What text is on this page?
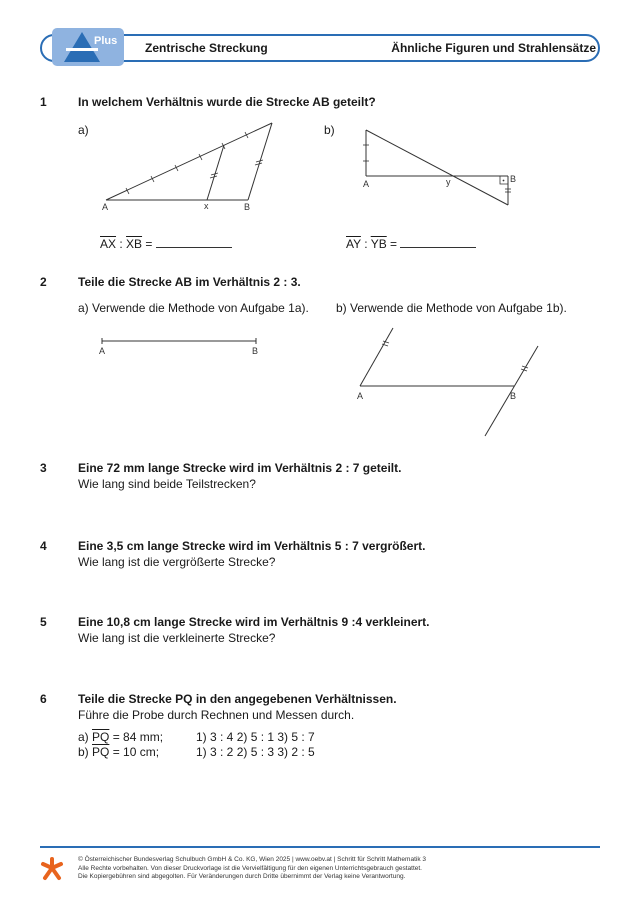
Plus Zentrische Streckung	Ähnliche Figuren und Strahlensätze
1	In welchem Verhältnis wurde die Strecke AB geteilt?
a)	b)
A	x	B
A	y	B
$\overline{AX}$ : $\overline{XB}$ =	$\overline{AY}$ : $\overline{YB}$ =
2	Teile die Strecke AB im Verhältnis 2 : 3.
a) Verwende die Methode von Aufgabe 1a). b) Verwende die Methode von Aufgabe 1b).
A	B
A	B
3	Eine 72 mm lange Strecke wird im Verhältnis 2 : 7 geteilt.
Wie lang sind beide Teilstrecken?
4	Eine 3,5 cm lange Strecke wird im Verhältnis 5 : 7 vergrößert.
Wie lang ist die vergrößerte Strecke?
5	Eine 10,8 cm lange Strecke wird im Verhältnis 9 :4 verkleinert.
Wie lang ist die verkleinerte Strecke?
6	Teile die Strecke PQ in den angegebenen Verhältnissen.
Führe die Probe durch Rechnen und Messen durch.
a) $\overline{PQ} = 84$ mm;	1) 3 : 4 2) 5 : 1 3) 5 : 7
b) $\overline{PQ} = 10$ cm;	1) 3 : 2 2) 5 : 3 3) 2 : 5
© Österreichischer Bundesverlag Schulbuch GmbH & Co. KG, Wien 2025 | www.oebv.at | Schritt für Schritt Mathematik 3
Alle Rechte vorbehalten. Von dieser Druckvorlage ist die Vervielfältigung für den eigenen Unterrichtsgebrauch gestattet.
Die Kopiergebühren sind abgegolten. Für Veränderungen durch Dritte übernimmt der Verlag keine Verantwortung.
